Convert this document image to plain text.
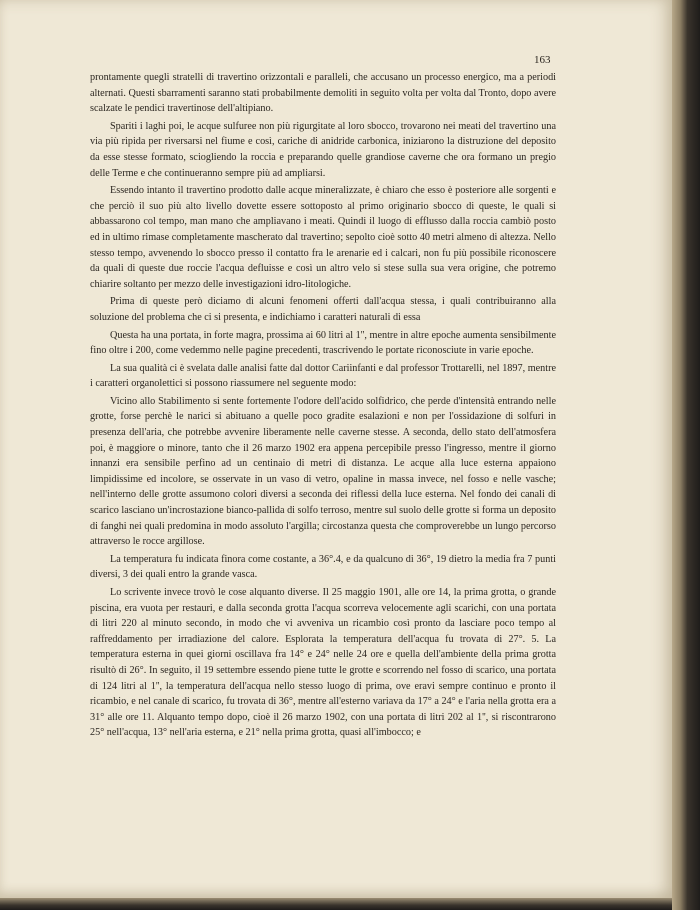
163

prontamente quegli stratelli di travertino orizzontali e paralleli, che accusano un processo energico, ma a periodi alternati. Questi sbarramenti saranno stati probabilmente demoliti in seguito volta per volta dal Tronto, dopo avere scalzate le pendici travertinose dell'altipiano.

Spariti i laghi poi, le acque sulfuree non più rigurgitate al loro sbocco, trovarono nei meati del travertino una via più ripida per riversarsi nel fiume e così, cariche di anidride carbonica, iniziarono la distruzione del deposito da esse stesse formato, sciogliendo la roccia e preparando quelle grandiose caverne che ora formano un pregio delle Terme e che continueranno sempre più ad ampliarsi.

Essendo intanto il travertino prodotto dalle acque mineralizzate, è chiaro che esso è posteriore alle sorgenti e che perciò il suo più alto livello dovette essere sottoposto al primo originario sbocco di queste, le quali si abbassarono col tempo, man mano che ampliavano i meati. Quindi il luogo di efflusso dalla roccia cambiò posto ed in ultimo rimase completamente mascherato dal travertino; sepolto cioè sotto 40 metri almeno di altezza. Nello stesso tempo, avvenendo lo sbocco presso il contatto fra le arenarie ed i calcari, non fu più possibile riconoscere da quali di queste due roccie l'acqua defluisse e così un altro velo si stese sulla sua vera origine, che potremo chiarire soltanto per mezzo delle investigazioni idro-litologiche.

Prima di queste però diciamo di alcuni fenomeni offerti dall'acqua stessa, i quali contribuiranno alla soluzione del problema che ci si presenta, e indichiamo i caratteri naturali di essa

Questa ha una portata, in forte magra, prossima ai 60 litri al 1'', mentre in altre epoche aumenta sensibilmente fino oltre i 200, come vedemmo nelle pagine precedenti, trascrivendo le portate riconosciute in varie epoche.

La sua qualità ci è svelata dalle analisi fatte dal dottor Cariinfanti e dal professor Trottarelli, nel 1897, mentre i caratteri organolettici si possono riassumere nel seguente modo:

Vicino allo Stabilimento si sente fortemente l'odore dell'acido solfidrico, che perde d'intensità entrando nelle grotte, forse perchè le narici si abituano a quelle poco gradite esalazioni e non per l'ossidazione di solfuri in presenza dell'aria, che potrebbe avvenire liberamente nelle caverne stesse. A seconda, dello stato dell'atmosfera poi, è maggiore o minore, tanto che il 26 marzo 1902 era appena percepibile presso l'ingresso, mentre il giorno innanzi era sensibile perfino ad un centinaio di metri di distanza. Le acque alla luce esterna appaiono limpidissime ed incolore, se osservate in un vaso di vetro, opaline in massa invece, nel fosso e nelle vasche; nell'interno delle grotte assumono colori diversi a seconda dei riflessi della luce esterna. Nel fondo dei canali di scarico lasciano un'incrostazione bianco-pallida di solfo terroso, mentre sul suolo delle grotte si forma un deposito di fanghi nei quali predomina in modo assoluto l'argilla; circostanza questa che comproverebbe un lungo percorso attraverso le rocce argillose.

La temperatura fu indicata finora come costante, a 36°.4, e da qualcuno di 36°, 19 dietro la media fra 7 punti diversi, 3 dei quali entro la grande vasca.

Lo scrivente invece trovò le cose alquanto diverse. Il 25 maggio 1901, alle ore 14, la prima grotta, o grande piscina, era vuota per restauri, e dalla seconda grotta l'acqua scorreva velocemente agli scarichi, con una portata di litri 220 al minuto secondo, in modo che vi avveniva un ricambio così pronto da lasciare poco tempo al raffreddamento per irradiazione del calore. Esplorata la temperatura dell'acqua fu trovata di 27°. 5. La temperatura esterna in quei giorni oscillava fra 14° e 24° nelle 24 ore e quella dell'ambiente della prima grotta risultò di 26°. In seguito, il 19 settembre essendo piene tutte le grotte e scorrendo nel fosso di scarico, una portata di 124 litri al 1'', la temperatura dell'acqua nello stesso luogo di prima, ove eravi sempre continuo e pronto il ricambio, e nel canale di scarico, fu trovata di 36°, mentre all'esterno variava da 17° a 24° e l'aria nella grotta era a 31° alle ore 11. Alquanto tempo dopo, cioè il 26 marzo 1902, con una portata di litri 202 al 1'', si riscontrarono 25° nell'acqua, 13° nell'aria esterna, e 21° nella prima grotta, quasi all'imbocco; e
